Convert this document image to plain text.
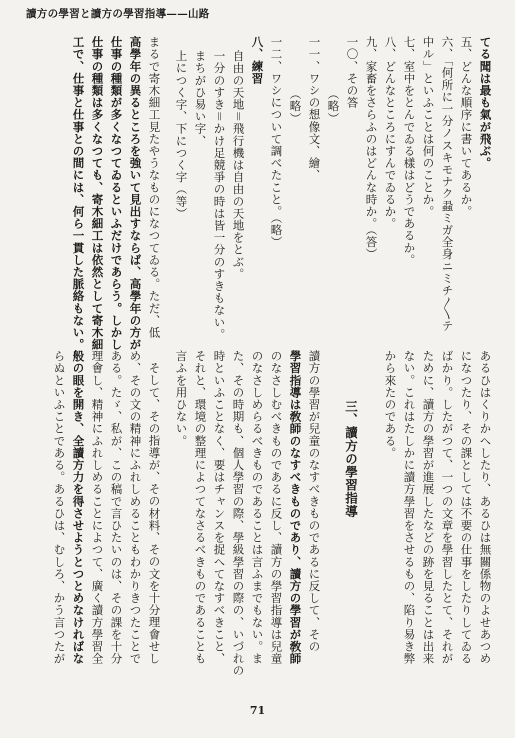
讀方の學習と讀方の學習指導——山路
てる聞は最も氣が飛ぶ。
五、どんな順序に書いてあるか。
六、「何所に一分ノスキモナク蝨ミガ全身ニミチ〳〵テ
中ル」といふことは何のことか。
七、室中をとんでゐる樣はどうであるか。
八、どんなところにすんでゐるか。
九、家畜をさらふのはどんな時か。（答）
一〇、その答
（略）
一一、ワシの想像文、繪、
（略）
一二、ワシについて調べたこと。（略）
八、練習
自由の天地＝飛行機は自由の天地をとぶ。
一分のすき＝かけ足競爭の時は皆一分のすきもない。
まちがひ易い字、
上につく字、下につく字（等）
まるで寄木細工見たやうなものになつてゐる。ただ、低
高學年の異るところを強いて見出すならば、高學年の方が
仕事の種類が多くなつてゐるといふだけであらう。しかし
仕事の種類は多くなつても、寄木細工は依然として寄木細
工で、仕事と仕事との間には、何ら一貫した脈絡もない。
あるひはくりかへしたり、あるひは無關係物のよせあつめ
になつたり、その課としては不要の仕事をしたりしてゐる
ばかり。したがつて、一つの文章を學習したとて、それが
ために、讀方の學習が進展したなどの跡を見ることは出来
ない。これはたしかに讀方學習をさせるもの、陷り易き弊
から來たのである。
三、讀方の學習指導
讀方の學習が兒童のなすべきものであるに反して、その
學習指導は敎師のなすべきものであり、讀方の學習が敎師
のなさしむべきものであるに反し、讀方の學習指導は兒童
のなさしめらるべきものであることは言ふまでもない。ま
た、その時期も、個人學習の際、學級學習の際の、いづれの
時といふことなく、要はチャンスを捉へてなすべきこと、
それと、環境の整理によつてなさるべきものであることも
言ふを用ひない。
そして、その指導が、その材料、その文を十分理會せし
め、その文の精神にふれしめることもわかりきつたことで
ある。たゞ、私が、この稿で言ひたいのは、その課を十分
理會し、精神にふれしめることによつて、廣く讀方學習全
般の眼を開き、全讀方力を得させようとつとめなければな
らぬといふことである。あるひは、むしろ、かう言つたが
71
